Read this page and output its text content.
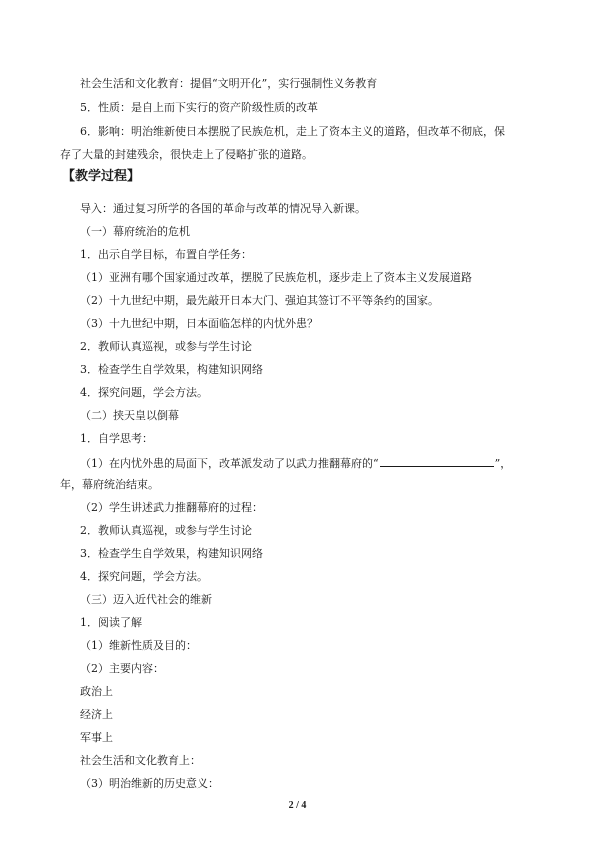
社会生活和文化教育：提倡“文明开化”，实行强制性义务教育
5．性质：是自上而下实行的资产阶级性质的改革
6．影响：明治维新使日本摆脱了民族危机，走上了资本主义的道路，但改革不彻底，保
存了大量的封建残余，很快走上了侵略扩张的道路。
【教学过程】
导入：通过复习所学的各国的革命与改革的情况导入新课。
（一）幕府统治的危机
1．出示自学目标，布置自学任务：
（1）亚洲有哪个国家通过改革，摆脱了民族危机，逐步走上了资本主义发展道路
（2）十九世纪中期，最先敲开日本大门、强迫其签订不平等条约的国家。
（3）十九世纪中期，日本面临怎样的内忧外患？
2．教师认真巡视，或参与学生讨论
3．检查学生自学效果，构建知识网络
4．探究问题，学会方法。
（二）挟天皇以倒幕
1．自学思考：
（1）在内忧外患的局面下，改革派发动了以武力推翻幕府的“	”，
年，幕府统治结束。
（2）学生讲述武力推翻幕府的过程：
2．教师认真巡视，或参与学生讨论
3．检查学生自学效果，构建知识网络
4．探究问题，学会方法。
（三）迈入近代社会的维新
1．阅读了解
（1）维新性质及目的：
（2）主要内容：
政治上
经济上
军事上
社会生活和文化教育上：
（3）明治维新的历史意义：
2 / 4
